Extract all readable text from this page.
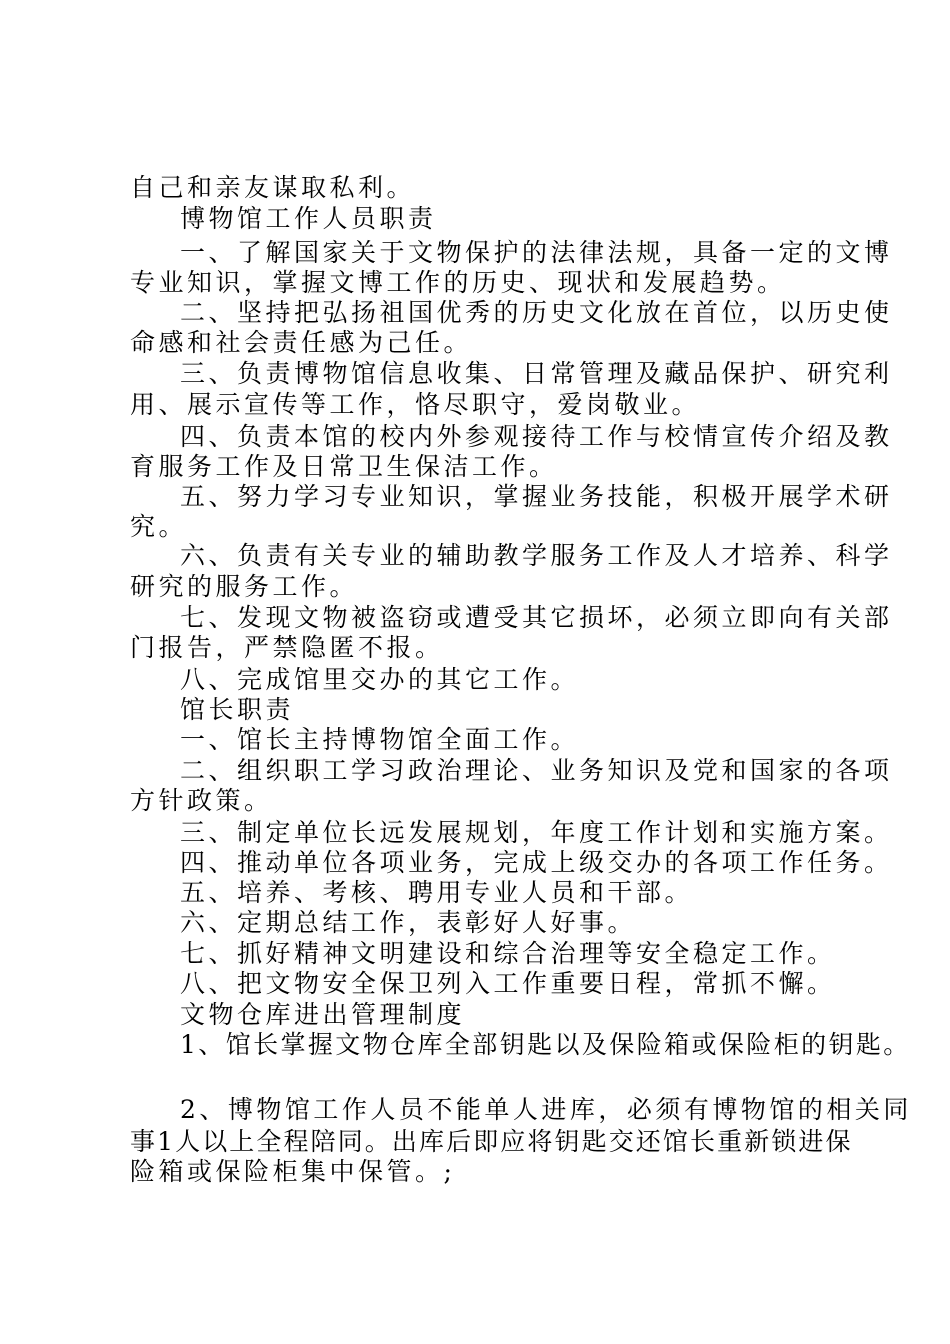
自己和亲友谋取私利。
博物馆工作人员职责
一、了解国家关于文物保护的法律法规，具备一定的文博
专业知识，掌握文博工作的历史、现状和发展趋势。
二、坚持把弘扬祖国优秀的历史文化放在首位，以历史使
命感和社会责任感为己任。
三、负责博物馆信息收集、日常管理及藏品保护、研究利
用、展示宣传等工作，恪尽职守，爱岗敬业。
四、负责本馆的校内外参观接待工作与校情宣传介绍及教
育服务工作及日常卫生保洁工作。
五、努力学习专业知识，掌握业务技能，积极开展学术研
究。
六、负责有关专业的辅助教学服务工作及人才培养、科学
研究的服务工作。
七、发现文物被盗窃或遭受其它损坏，必须立即向有关部
门报告，严禁隐匿不报。
八、完成馆里交办的其它工作。
馆长职责
一、馆长主持博物馆全面工作。
二、组织职工学习政治理论、业务知识及党和国家的各项
方针政策。
三、制定单位长远发展规划，年度工作计划和实施方案。
四、推动单位各项业务，完成上级交办的各项工作任务。
五、培养、考核、聘用专业人员和干部。
六、定期总结工作，表彰好人好事。
七、抓好精神文明建设和综合治理等安全稳定工作。
八、把文物安全保卫列入工作重要日程，常抓不懈。
文物仓库进出管理制度
1、馆长掌握文物仓库全部钥匙以及保险箱或保险柜的钥匙。
2、博物馆工作人员不能单人进库，必须有博物馆的相关同
事1人以上全程陪同。出库后即应将钥匙交还馆长重新锁进保
险箱或保险柜集中保管。;
